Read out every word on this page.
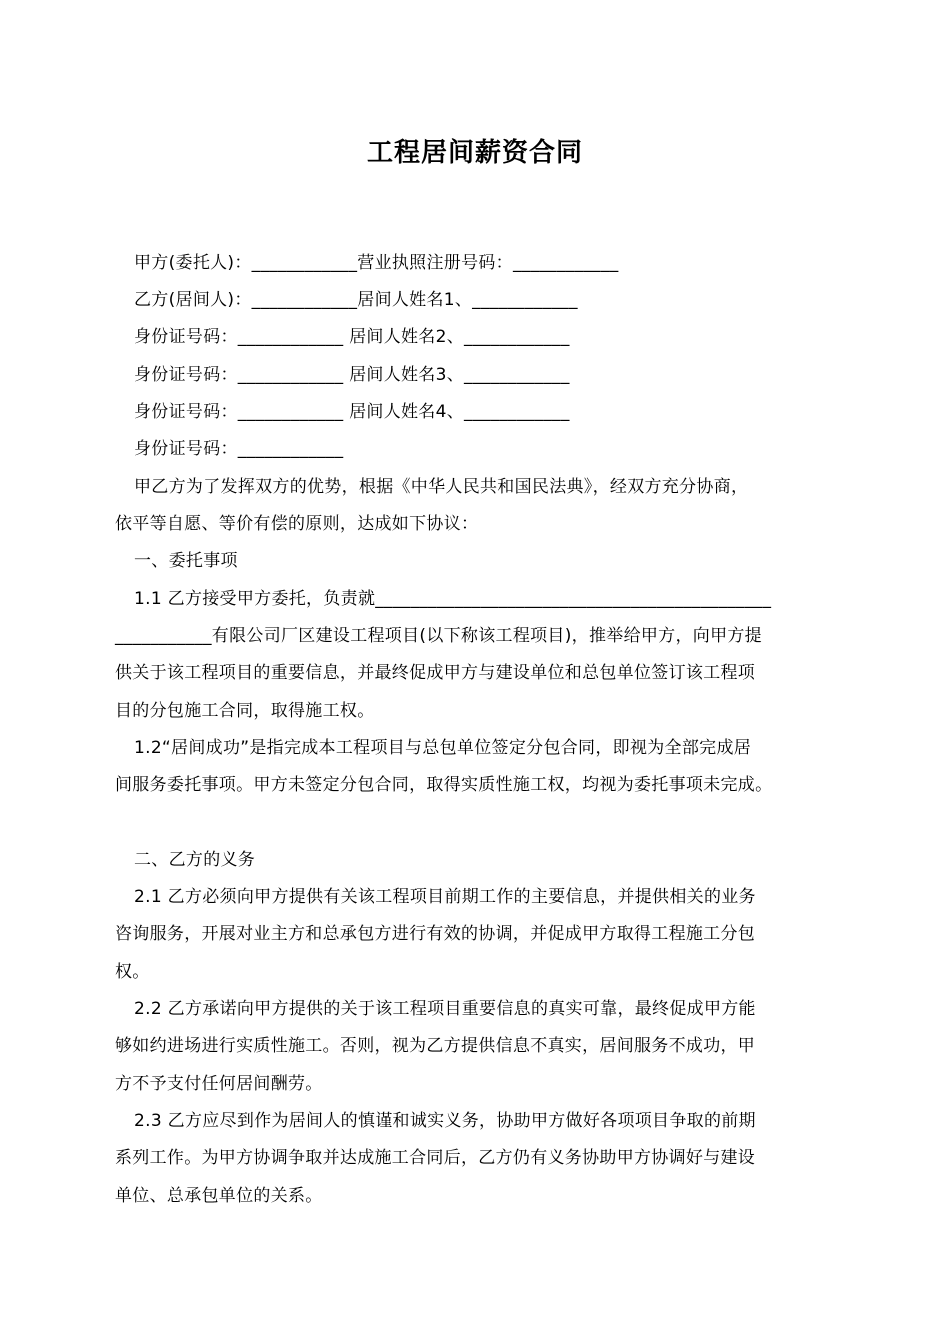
工程居间薪资合同
甲方(委托人)：____________营业执照注册号码：____________
乙方(居间人)：____________居间人姓名1、____________
身份证号码：____________ 居间人姓名2、____________
身份证号码：____________ 居间人姓名3、____________
身份证号码：____________ 居间人姓名4、____________
身份证号码：____________
甲乙方为了发挥双方的优势，根据《中华人民共和国民法典》，经双方充分协商，
依平等自愿、等价有偿的原则，达成如下协议：
一、委托事项
1.1 乙方接受甲方委托，负责就_____________________________________________
___________有限公司厂区建设工程项目(以下称该工程项目)，推举给甲方，向甲方提
供关于该工程项目的重要信息，并最终促成甲方与建设单位和总包单位签订该工程项
目的分包施工合同，取得施工权。
1.2“居间成功”是指完成本工程项目与总包单位签定分包合同，即视为全部完成居
间服务委托事项。甲方未签定分包合同，取得实质性施工权，均视为委托事项未完成。
二、乙方的义务
2.1 乙方必须向甲方提供有关该工程项目前期工作的主要信息，并提供相关的业务
咨询服务，开展对业主方和总承包方进行有效的协调，并促成甲方取得工程施工分包
权。
2.2 乙方承诺向甲方提供的关于该工程项目重要信息的真实可靠，最终促成甲方能
够如约进场进行实质性施工。否则，视为乙方提供信息不真实，居间服务不成功，甲
方不予支付任何居间酬劳。
2.3 乙方应尽到作为居间人的慎谨和诚实义务，协助甲方做好各项项目争取的前期
系列工作。为甲方协调争取并达成施工合同后，乙方仍有义务协助甲方协调好与建设
单位、总承包单位的关系。
